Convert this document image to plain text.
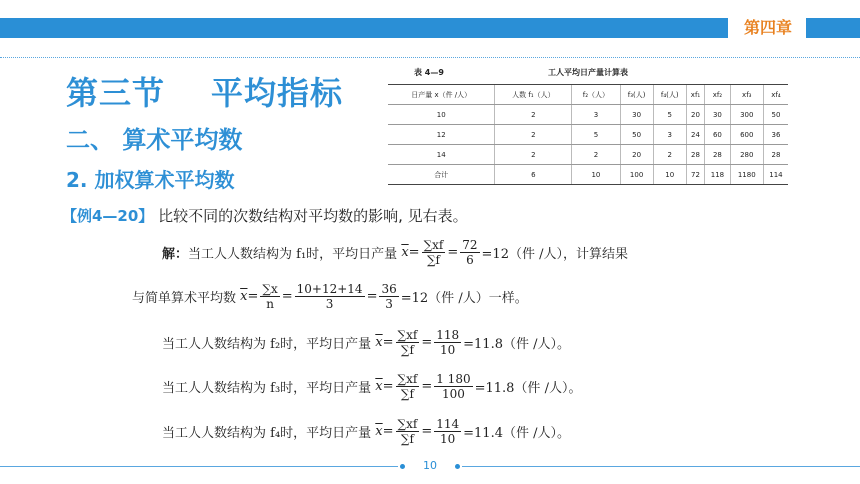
第四章
第三节 平均指标
二、 算术平均数
2. 加权算术平均数
【例4—20】 比较不同的次数结构对平均数的影响, 见右表。
表 4—9	工人平均日产量计算表
日产量 x（件 /人）	人数 f₁（人）	f₂（人）	f₃(人)	f₄(人)	xf₁	xf₂	xf₃	xf₄
10	2	3	30	5	20	30	300	50
12	2	5	50	3	24	60	600	36
14	2	2	20	2	28	28	280	28
合计	6	10	100	10	72	118	1180	114
解：当工人人数结构为 f₁时，平均日产量 $\overline{x}= \frac{\sum xf}{\sum f} = \frac{72}{6} =12$（件 /人），计算结果
与简单算术平均数 $\overline{x}= \frac{\sum x}{n} = \frac{10+12+14}{3} = \frac{36}{3} =12$（件 /人）一样。
当工人人数结构为 f₂时，平均日产量 $\overline{x}= \frac{\sum xf}{\sum f} = \frac{118}{10} =11.8$（件 /人）。
当工人人数结构为 f₃时，平均日产量 $\overline{x}= \frac{\sum xf}{\sum f} = \frac{1 180}{100} =11.8$（件 /人）。
当工人人数结构为 f₄时，平均日产量 $\overline{x}= \frac{\sum xf}{\sum f} = \frac{114}{10} =11.4$（件 /人）。
10
